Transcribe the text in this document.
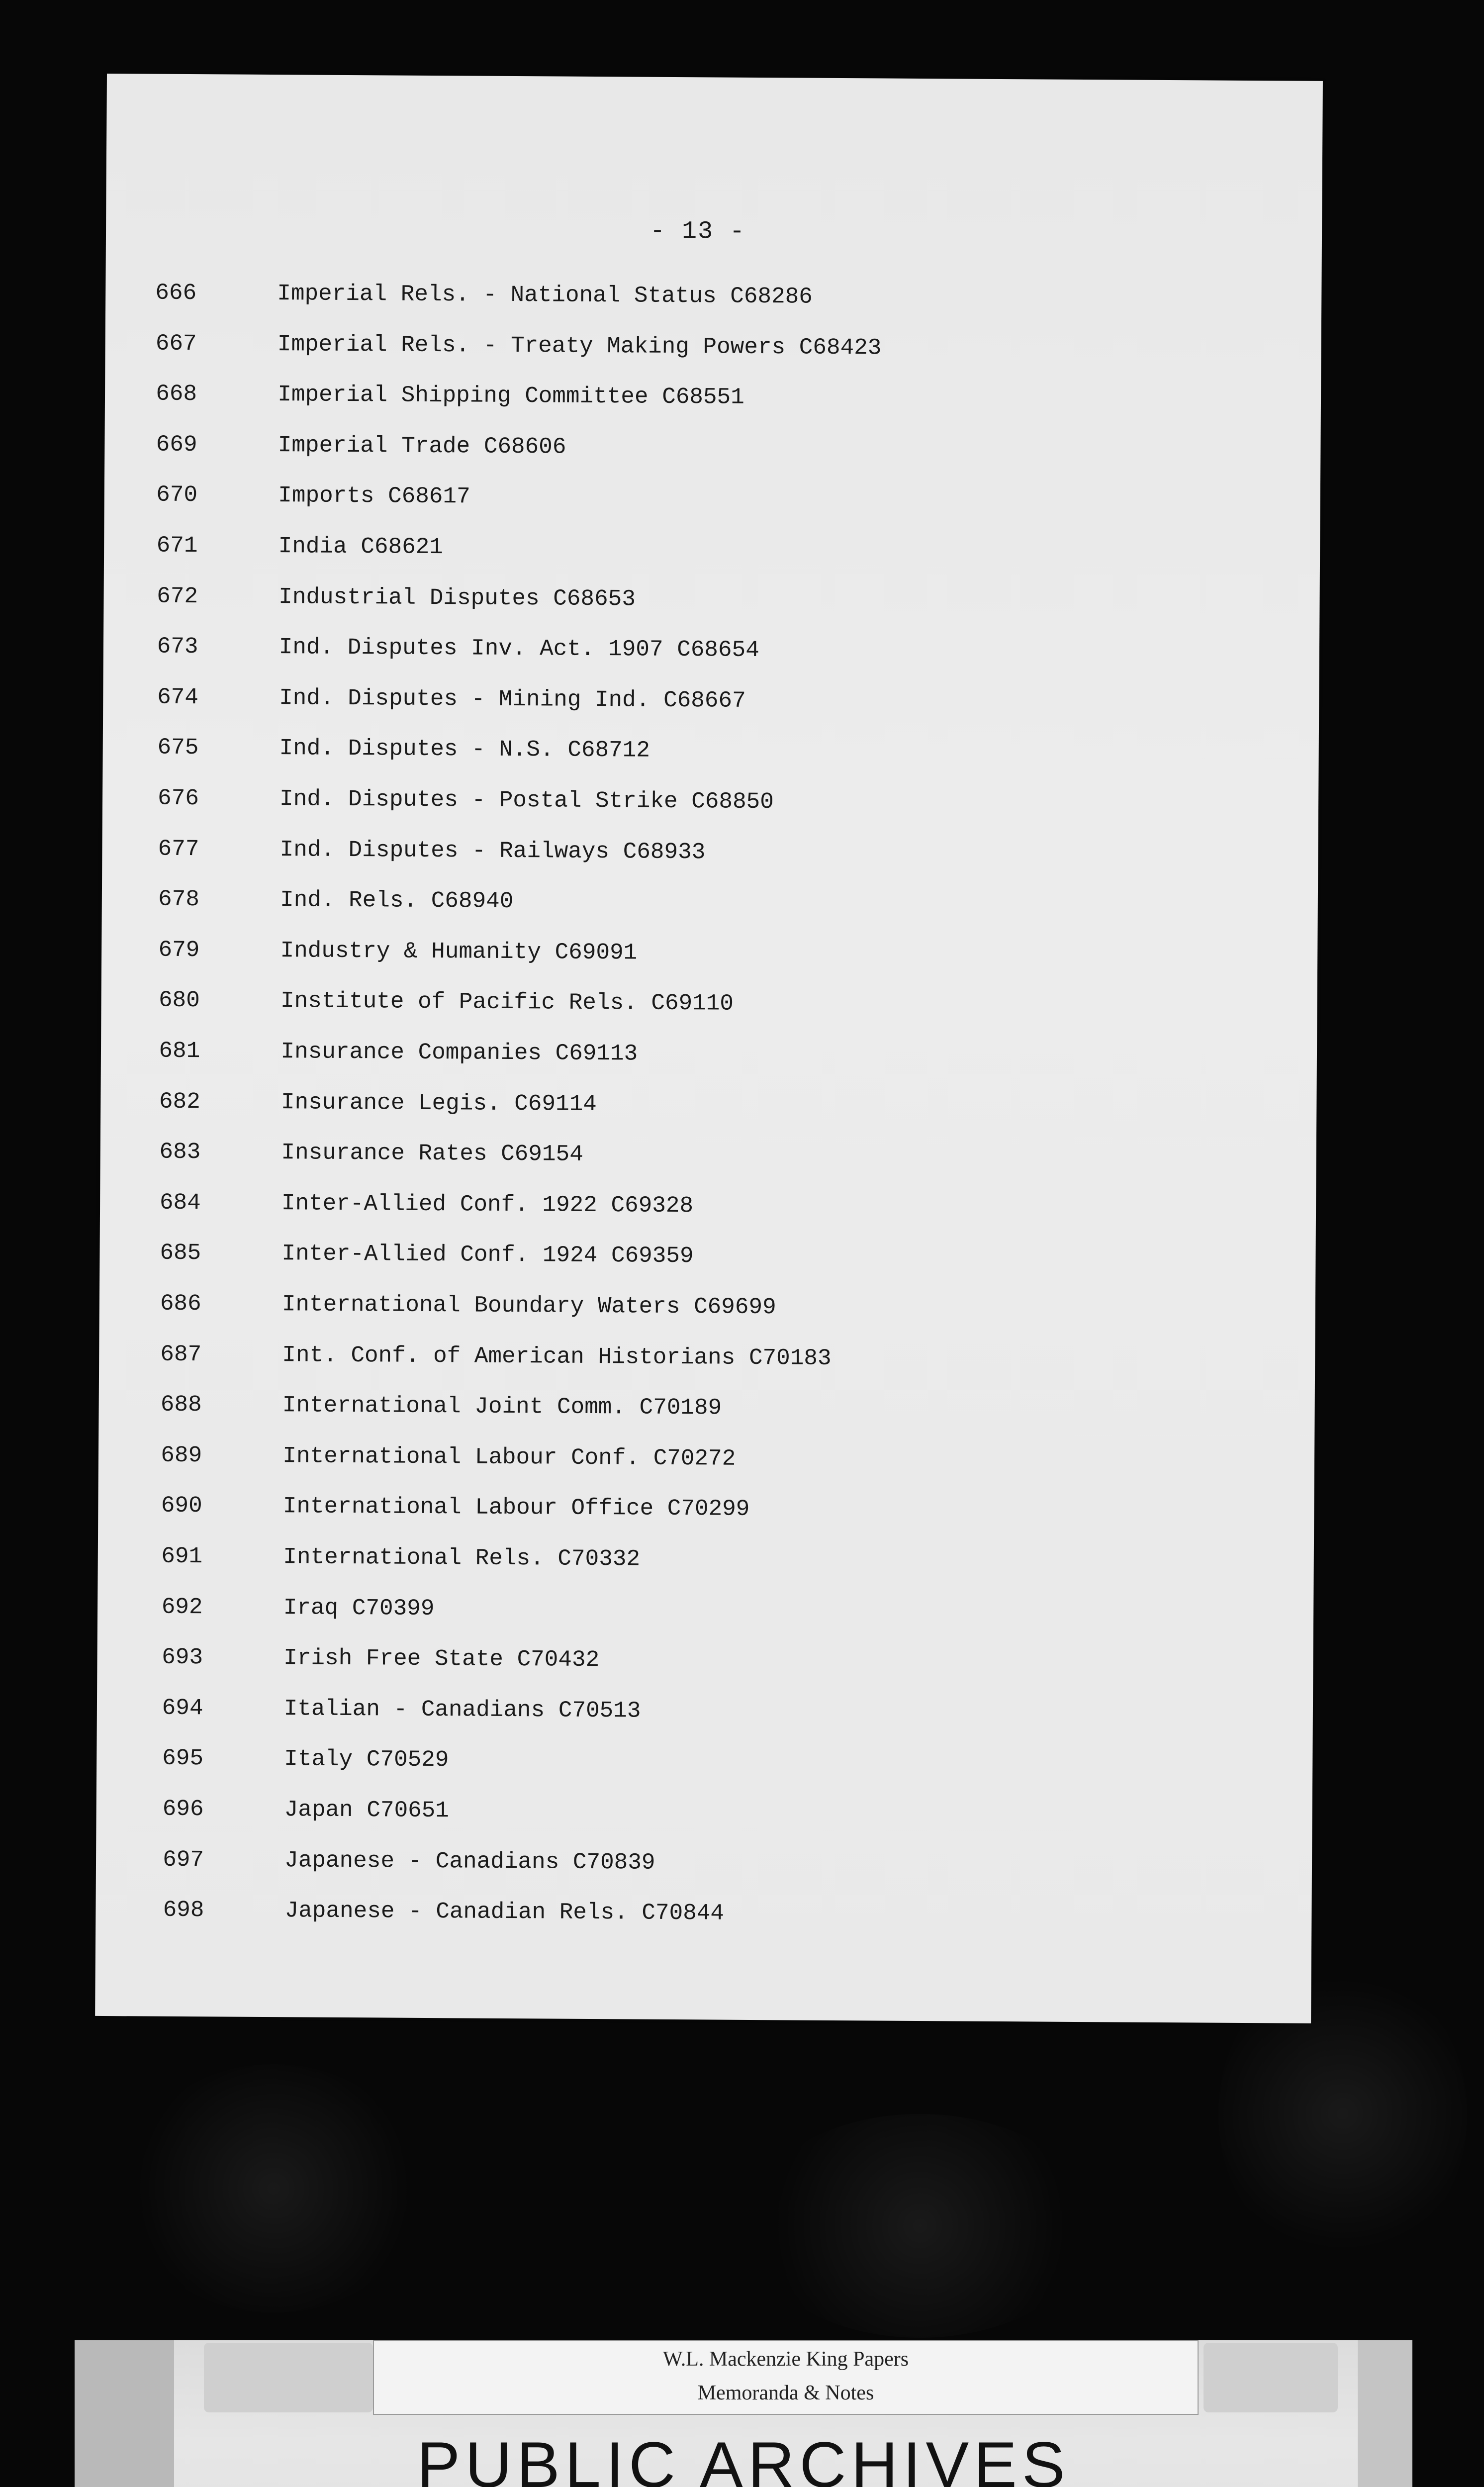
- 13 -
666	Imperial Rels. - National Status C68286
667	Imperial Rels. - Treaty Making Powers C68423
668	Imperial Shipping Committee C68551
669	Imperial Trade C68606
670	Imports C68617
671	India C68621
672	Industrial Disputes C68653
673	Ind. Disputes Inv. Act. 1907 C68654
674	Ind. Disputes - Mining Ind. C68667
675	Ind. Disputes - N.S. C68712
676	Ind. Disputes - Postal Strike C68850
677	Ind. Disputes - Railways C68933
678	Ind. Rels. C68940
679	Industry & Humanity C69091
680	Institute of Pacific Rels. C69110
681	Insurance Companies C69113
682	Insurance Legis. C69114
683	Insurance Rates C69154
684	Inter-Allied Conf. 1922 C69328
685	Inter-Allied Conf. 1924 C69359
686	International Boundary Waters C69699
687	Int. Conf. of American Historians C70183
688	International Joint Comm. C70189
689	International Labour Conf. C70272
690	International Labour Office C70299
691	International Rels. C70332
692	Iraq C70399
693	Irish Free State C70432
694	Italian - Canadians C70513
695	Italy C70529
696	Japan C70651
697	Japanese - Canadians C70839
698	Japanese - Canadian Rels. C70844
W.L. Mackenzie King Papers
Memoranda & Notes
PUBLIC ARCHIVES
